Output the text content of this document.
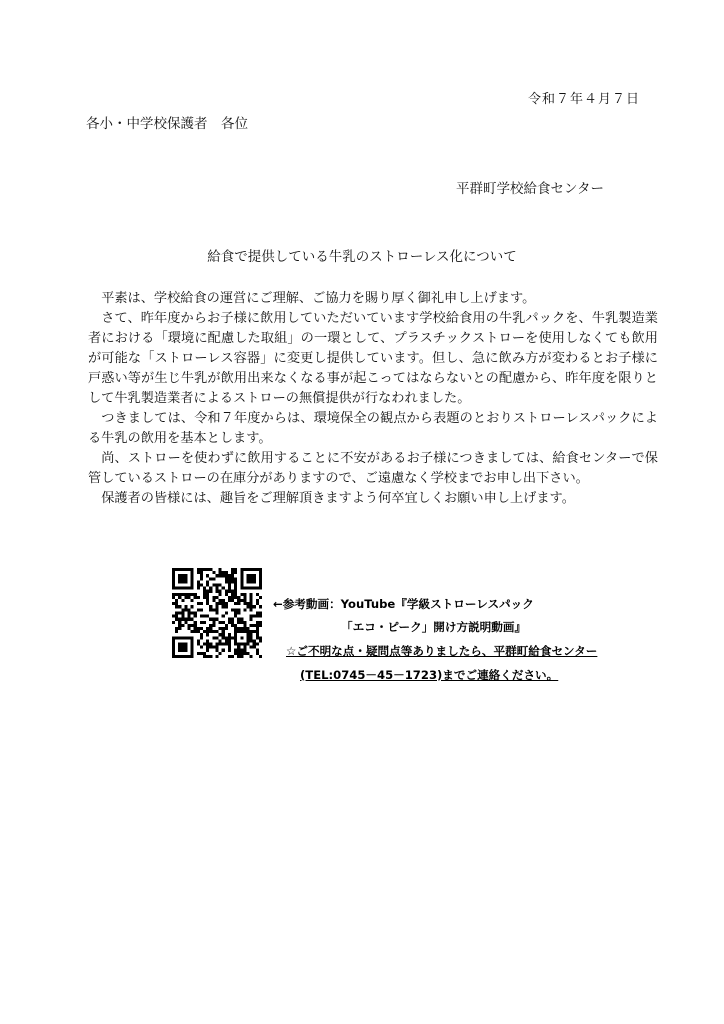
令和７年４月７日
各小・中学校保護者　各位
平群町学校給食センター
給食で提供している牛乳のストローレス化について

平素は、学校給食の運営にご理解、ご協力を賜り厚く御礼申し上げます。

さて、昨年度からお子様に飲用していただいています学校給食用の牛乳パックを、牛乳製造業者における「環境に配慮した取組」の一環として、プラスチックストローを使用しなくても飲用が可能な「ストローレス容器」に変更し提供しています。但し、急に飲み方が変わるとお子様に戸惑い等が生じ牛乳が飲用出来なくなる事が起こってはならないとの配慮から、昨年度を限りとして牛乳製造業者によるストローの無償提供が行なわれました。

つきましては、令和７年度からは、環境保全の観点から表題のとおりストローレスパックによる牛乳の飲用を基本とします。

尚、ストローを使わずに飲用することに不安があるお子様につきましては、給食センターで保管しているストローの在庫分がありますので、ご遠慮なく学校までお申し出下さい。

保護者の皆様には、趣旨をご理解頂きますよう何卒宜しくお願い申し上げます。

←参考動画：YouTube『学級ストローレスパック
「エコ・ピーク」開け方説明動画』
☆ご不明な点・疑問点等ありましたら、平群町給食センター
(TEL:0745－45－1723)までご連絡ください。
